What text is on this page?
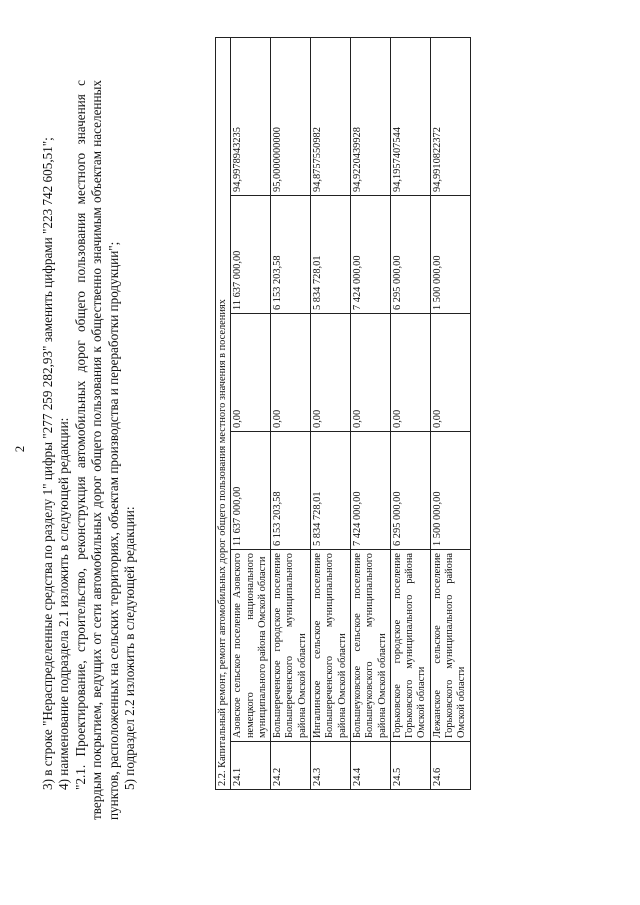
2 3) в строке "Нераспределенные средства по разделу 1" цифры "277 259 282,93" заменить цифрами "223 742 605,51"; 4) наименование подраздела 2.1 изложить в следующей редакции: "2.1. Проектирование, строительство, реконструкция автомобильных дорог общего пользования местного значения с твердым покрытием, ведущих от сети автомобильных дорог общего пользования к общественно значимым объектам населенных пунктов, расположенных на сельских территориях, объектам производства и переработки продукции"; 5) подраздел 2.2 изложить в следующей редакции:	2.2. Капитальный ремонт, ремонт автомобильных дорог общего пользования местного значения в поселениях					
24.1	Азовское сельское поселение Азовского немецкого национального муниципального района Омской области	11 637 000,00	0,00	11 637 000,00	94,9978943235
24.2	Большереченское городское поселение Большереченского муниципального района Омской области	6 153 203,58	0,00	6 153 203,58	95,0000000000
24.3	Ингалинское сельское поселение Большереченского муниципального района Омской области	5 834 728,01	0,00	5 834 728,01	94,8757550982
24.4	Большеуковское сельское поселение Большеуковского муниципального района Омской области	7 424 000,00	0,00	7 424 000,00	94,9220439928
24.5	Горьковское городское поселение Горьковского муниципального района Омской области	6 295 000,00	0,00	6 295 000,00	94,1957407544
24.6	Лежанское сельское поселение Горьковского муниципального района Омской области	1 500 000,00	0,00	1 500 000,00	94,9910822372
